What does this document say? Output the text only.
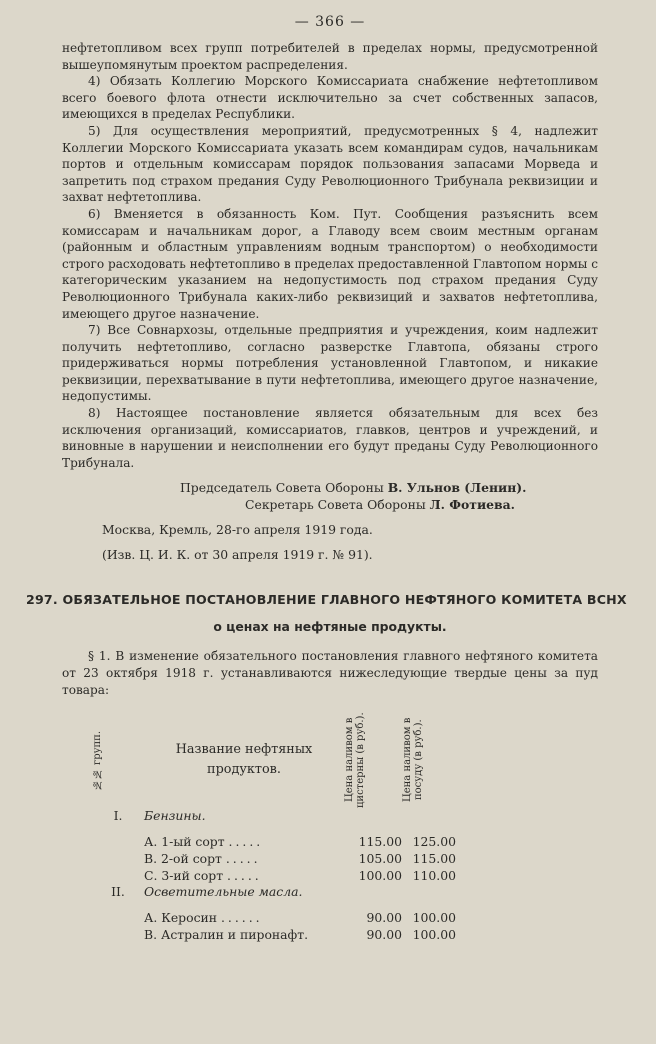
— 366 —

нефтетопливом всех групп потребителей в пределах нормы, предусмотренной вышеупомянутым проектом распределения.

4) Обязать Коллегию Морского Комиссариата снабжение нефтетопливом всего боевого флота отнести исключительно за счет собственных запасов, имеющихся в пределах Республики.

5) Для осуществления мероприятий, предусмотренных § 4, надлежит Коллегии Морского Комиссариата указать всем командирам судов, начальникам портов и отдельным комиссарам порядок пользования запасами Морведа и запретить под страхом предания Суду Революционного Трибунала реквизиции и захват нефтетоплива.

6) Вменяется в обязанность Ком. Пут. Сообщения разъяснить всем комиссарам и начальникам дорог, а Главоду всем своим местным органам (районным и областным управлениям водным транспортом) о необходимости строго расходовать нефтетопливо в пределах предоставленной Главтопом нормы с категорическим указанием на недопустимость под страхом предания Суду Революционного Трибунала каких-либо реквизиций и захватов нефтетоплива, имеющего другое назначение.

7) Все Совнархозы, отдельные предприятия и учреждения, коим надлежит получить нефтетопливо, согласно разверстке Главтопа, обязаны строго придерживаться нормы потребления установленной Главтопом, и никакие реквизиции, перехватывание в пути нефтетоплива, имеющего другое назначение, недопустимы.

8) Настоящее постановление является обязательным для всех без исключения организаций, комиссариатов, главков, центров и учреждений, и виновные в нарушении и неисполнении его будут преданы Суду Революционного Трибунала.

Председатель Совета Обороны В. Ульнов (Ленин).
Секретарь Совета Обороны Л. Фотиева.
Москва, Кремль, 28-го апреля 1919 года.
(Изв. Ц. И. К. от 30 апреля 1919 г. № 91).
297. ОБЯЗАТЕЛЬНОЕ ПОСТАНОВЛЕНИЕ ГЛАВНОГО НЕФТЯНОГО КОМИТЕТА ВСНХ
о ценах на нефтяные продукты.

§ 1. В изменение обязательного постановления главного нефтяного комитета от 23 октября 1918 г. устанавливаются нижеследующие твердые цены за пуд товара:

№№ групп.	Название нефтяных продуктов.	Цена наливом в цистерны (в руб.).	Цена наливом в посуду (в руб.).

I.	Бензины.		

	А. 1-ый сорт .....	115.00	125.00
	В. 2-ой сорт .....	105.00	115.00
	С. 3-ий сорт .....	100.00	110.00
II.	Осветительные масла.		

	А. Керосин ......	90.00	100.00
	В. Астралин и пиронафт.	90.00	100.00
